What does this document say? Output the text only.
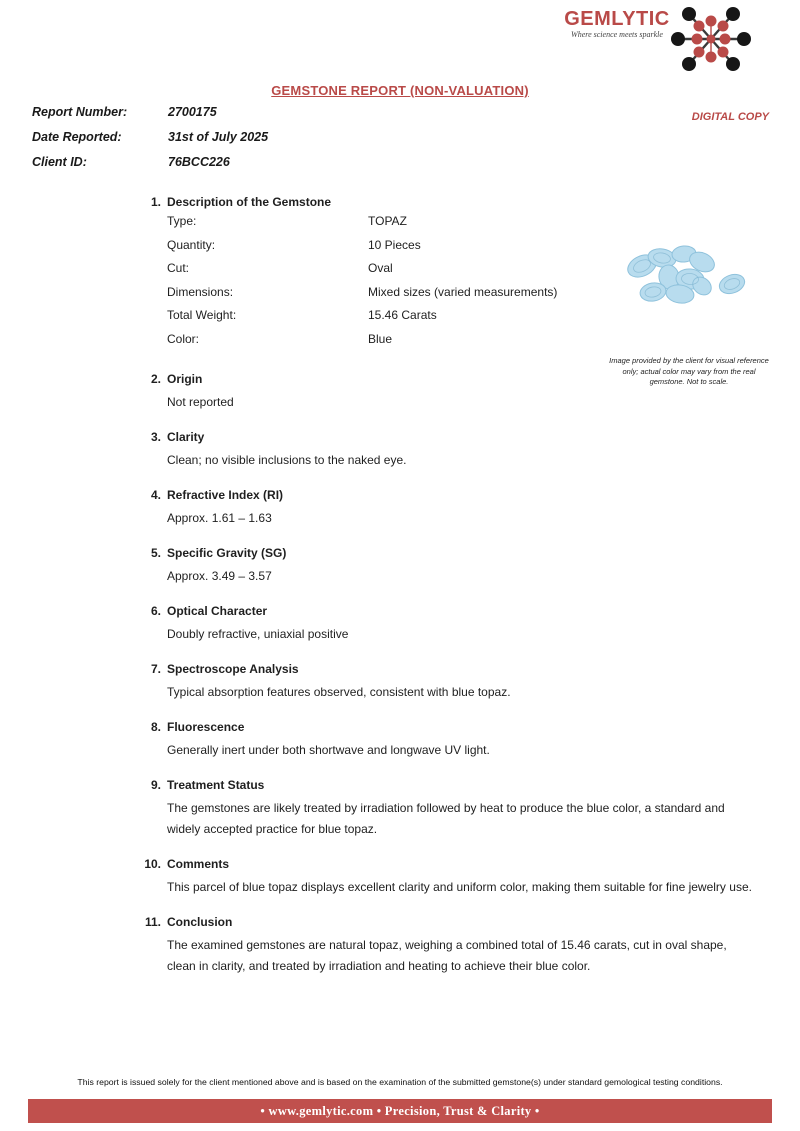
GEMLYTIC
Where science meets sparkle
GEMSTONE REPORT (NON-VALUATION)
DIGITAL COPY
Report Number:	2700175
Date Reported:	31st of July 2025
Client ID:	76BCC226
1. Description of the Gemstone
Type:	TOPAZ
Quantity:	10 Pieces
Cut:	Oval
Dimensions:	Mixed sizes (varied measurements)
Total Weight:	15.46 Carats
Color:	Blue
2. Origin

Not reported

3. Clarity

Clean; no visible inclusions to the naked eye.

4. Refractive Index (RI)

Approx. 1.61 – 1.63

5. Specific Gravity (SG)

Approx. 3.49 – 3.57

6. Optical Character

Doubly refractive, uniaxial positive

7. Spectroscope Analysis

Typical absorption features observed, consistent with blue topaz.

8. Fluorescence

Generally inert under both shortwave and longwave UV light.

9. Treatment Status

The gemstones are likely treated by irradiation followed by heat to produce the blue color, a standard and widely accepted practice for blue topaz.

10. Comments

This parcel of blue topaz displays excellent clarity and uniform color, making them suitable for fine jewelry use.

11. Conclusion

The examined gemstones are natural topaz, weighing a combined total of 15.46 carats, cut in oval shape, clean in clarity, and treated by irradiation and heating to achieve their blue color.

Image provided by the client for visual reference only; actual color may vary from the real gemstone. Not to scale.
This report is issued solely for the client mentioned above and is based on the examination of the submitted gemstone(s) under standard gemological testing conditions.
• www.gemlytic.com • Precision, Trust & Clarity •
